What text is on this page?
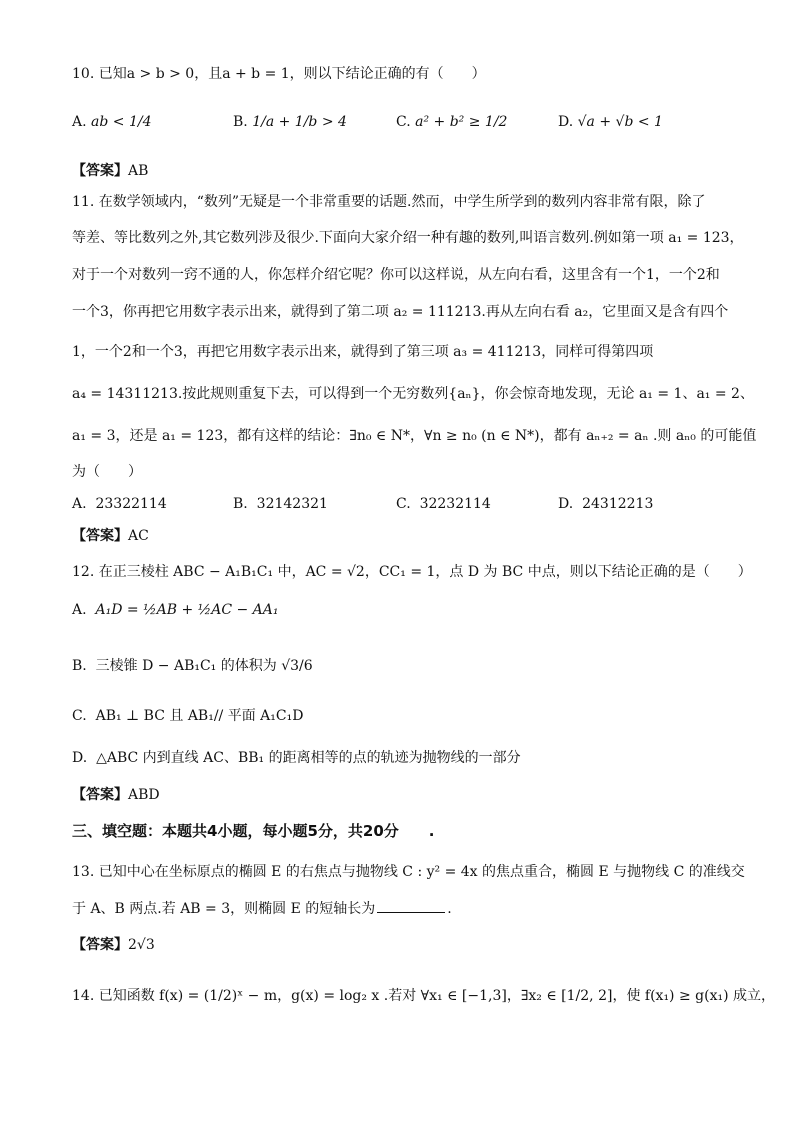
10. 已知a > b > 0，且a + b = 1，则以下结论正确的有（　　）
A. ab < 1/4	B. 1/a + 1/b > 4	C. a² + b² ≥ 1/2	D. √a + √b < 1
【答案】AB
11. 在数学领域内，“数列”无疑是一个非常重要的话题.然而，中学生所学到的数列内容非常有限，除了
等差、等比数列之外,其它数列涉及很少.下面向大家介绍一种有趣的数列,叫语言数列.例如第一项 a₁ = 123，
对于一个对数列一窍不通的人，你怎样介绍它呢？你可以这样说，从左向右看，这里含有一个1，一个2和
一个3，你再把它用数字表示出来，就得到了第二项 a₂ = 111213.再从左向右看 a₂，它里面又是含有四个
1，一个2和一个3，再把它用数字表示出来，就得到了第三项 a₃ = 411213，同样可得第四项
a₄ = 14311213.按此规则重复下去，可以得到一个无穷数列{aₙ}，你会惊奇地发现，无论 a₁ = 1、a₁ = 2、
a₁ = 3，还是 a₁ = 123，都有这样的结论：∃n₀ ∈ N*，∀n ≥ n₀ (n ∈ N*)，都有 aₙ₊₂ = aₙ .则 aₙ₀ 的可能值
为（　　）
A. 23322114	B. 32142321	C. 32232114	D. 24312213
【答案】AC
12. 在正三棱柱 ABC − A₁B₁C₁ 中，AC = √2，CC₁ = 1，点 D 为 BC 中点，则以下结论正确的是（　　）
A. A₁D = ½AB + ½AC − AA₁
B. 三棱锥 D − AB₁C₁ 的体积为 √3/6
C. AB₁ ⊥ BC 且 AB₁// 平面 A₁C₁D
D. △ABC 内到直线 AC、BB₁ 的距离相等的点的轨迹为抛物线的一部分
【答案】ABD
三、填空题：本题共4小题，每小题5分，共20分　　.
13. 已知中心在坐标原点的椭圆 E 的右焦点与抛物线 C : y² = 4x 的焦点重合，椭圆 E 与抛物线 C 的准线交
于 A、B 两点.若 AB = 3，则椭圆 E 的短轴长为	.
【答案】2√3
14. 已知函数 f(x) = (1/2)ˣ − m，g(x) = log₂ x .若对 ∀x₁ ∈ [−1,3]，∃x₂ ∈ [1/2, 2]，使 f(x₁) ≥ g(x₁) 成立，
